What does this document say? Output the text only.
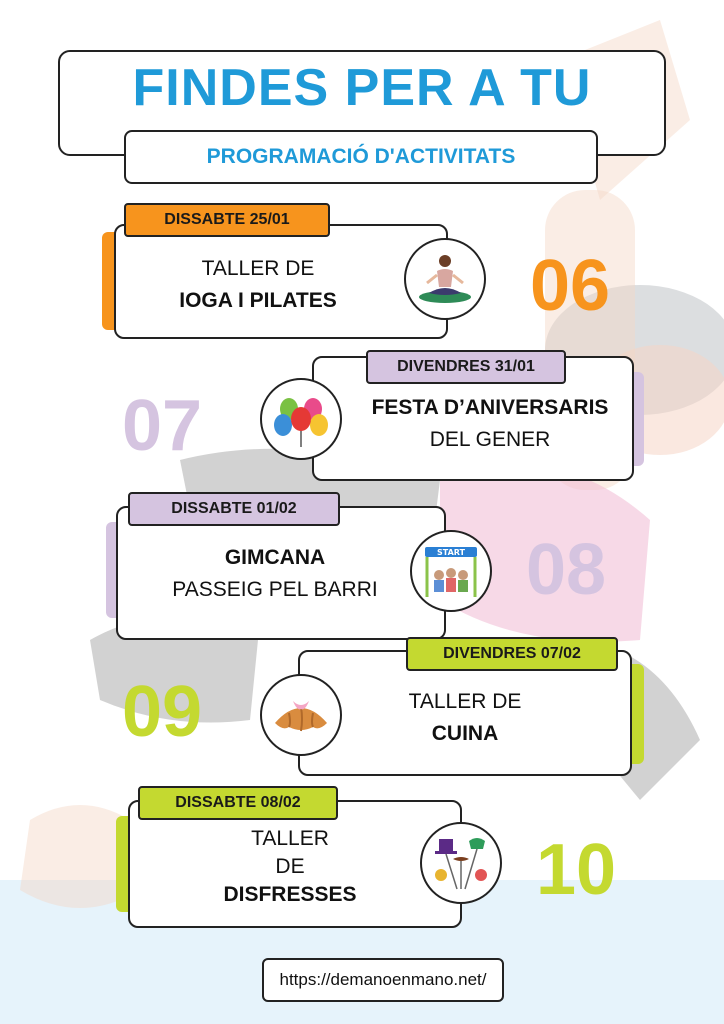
FINDES PER A TU
PROGRAMACIÓ D'ACTIVITATS
DISSABTE 25/01
TALLER DE
IOGA I PILATES	06
DIVENDRES 31/01
FESTA D’ANIVERSARIS
DEL GENER
07
DISSABTE 01/02
GIMCANA
PASSEIG PEL BARRI
START 08
DIVENDRES 07/02
TALLER DE
CUINA
09
DISSABTE 08/02
TALLER
DE
DISFRESSES 10
https://demanoenmano.net/
